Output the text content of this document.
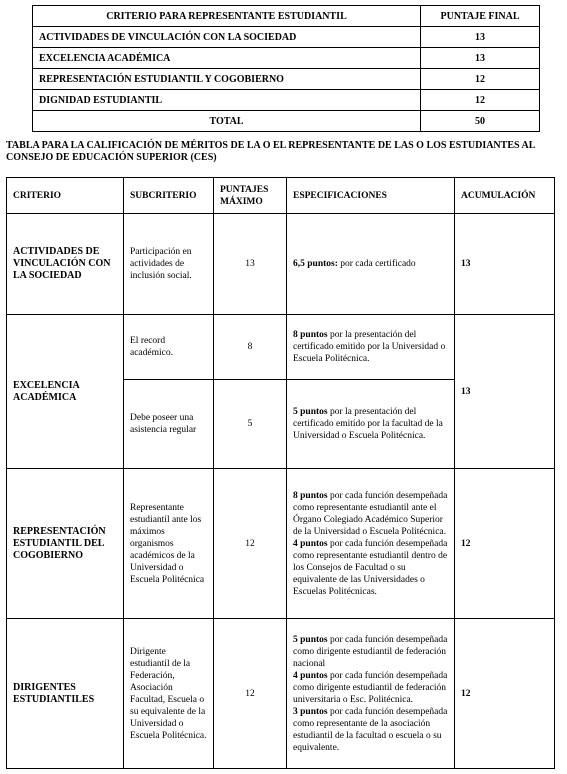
CRITERIO PARA REPRESENTANTE ESTUDIANTIL	PUNTAJE FINAL
ACTIVIDADES DE VINCULACIÓN CON LA SOCIEDAD	13
EXCELENCIA ACADÉMICA	13
REPRESENTACIÓN ESTUDIANTIL Y COGOBIERNO	12
DIGNIDAD ESTUDIANTIL	12
TOTAL	50

TABLA PARA LA CALIFICACIÓN DE MÉRITOS DE LA O EL REPRESENTANTE DE LAS O LOS ESTUDIANTES AL CONSEJO DE EDUCACIÓN SUPERIOR (CES)

CRITERIO	SUBCRITERIO	PUNTAJES MÁXIMO	ESPECIFICACIONES	ACUMULACIÓN
ACTIVIDADES DE VINCULACIÓN CON LA SOCIEDAD	Participación en actividades de inclusión social.	13	6,5 puntos: por cada certificado	13
EXCELENCIA ACADÉMICA	El record académico.	8	8 puntos por la presentación del certificado emitido por la Universidad o Escuela Politécnica.	13
	Debe poseer una asistencia regular	5	5 puntos por la presentación del certificado emitido por la facultad de la Universidad o Escuela Politécnica.	
REPRESENTACIÓN ESTUDIANTIL DEL COGOBIERNO	Representante estudiantil ante los máximos organismos académicos de la Universidad o Escuela Politécnica	12	8 puntos por cada función desempeñada como representante estudiantil ante el Órgano Colegiado Académico Superior de la Universidad o Escuela Politécnica.
4 puntos por cada función desempeñada como representante estudiantil dentro de los Consejos de Facultad o su equivalente de las Universidades o Escuelas Politécnicas.	12
DIRIGENTES ESTUDIANTILES	Dirigente estudiantil de la Federación, Asociación Facultad, Escuela o su equivalente de la Universidad o Escuela Politécnica.	12	5 puntos por cada función desempeñada como dirigente estudiantil de federación nacional
4 puntos por cada función desempeñada como dirigente estudiantil de federación universitaria o Esc. Politécnica.
3 puntos por cada función desempeñada como representante de la asociación estudiantil de la facultad o escuela o su equivalente.	12
